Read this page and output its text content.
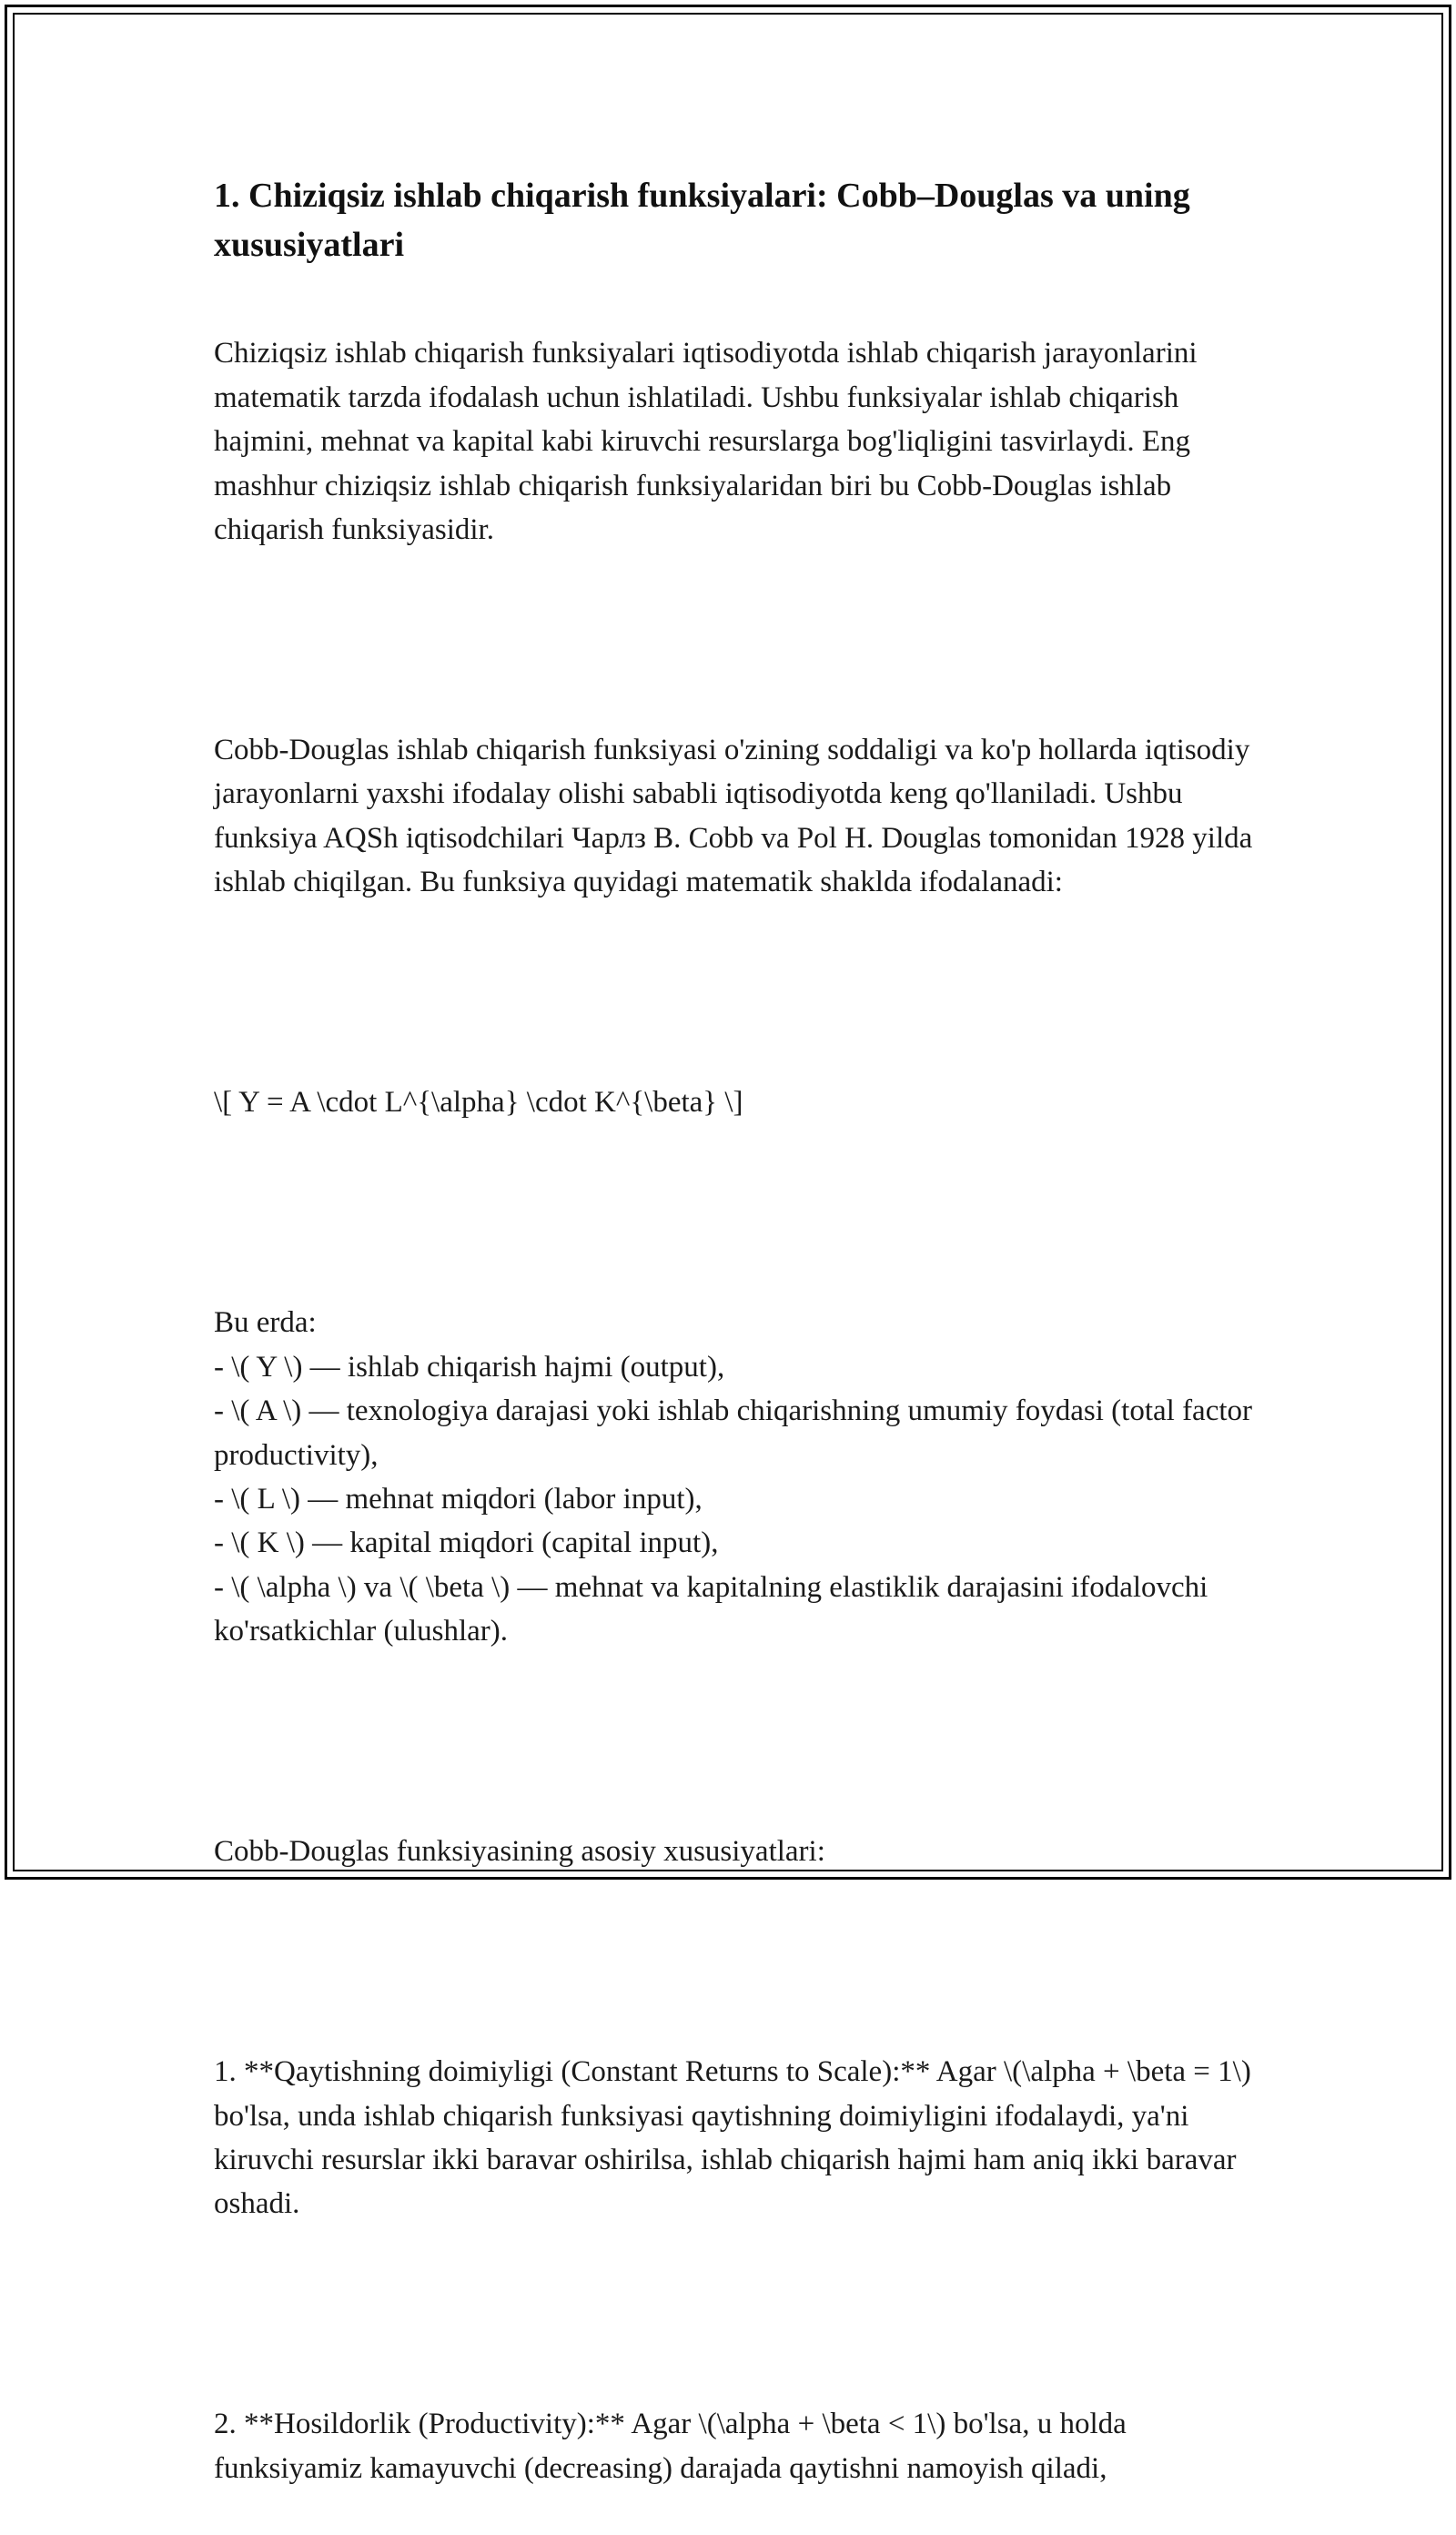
1. Chiziqsiz ishlab chiqarish funksiyalari: Cobb–Douglas va uning xususiyatlari

Chiziqsiz ishlab chiqarish funksiyalari iqtisodiyotda ishlab chiqarish jarayonlarini matematik tarzda ifodalash uchun ishlatiladi. Ushbu funksiyalar ishlab chiqarish hajmini, mehnat va kapital kabi kiruvchi resurslarga bog'liqligini tasvirlaydi. Eng mashhur chiziqsiz ishlab chiqarish funksiyalaridan biri bu Cobb-Douglas ishlab chiqarish funksiyasidir.

Cobb-Douglas ishlab chiqarish funksiyasi o'zining soddaligi va ko'p hollarda iqtisodiy jarayonlarni yaxshi ifodalay olishi sababli iqtisodiyotda keng qo'llaniladi. Ushbu funksiya AQSh iqtisodchilari Чарлз B. Cobb va Pol H. Douglas tomonidan 1928 yilda ishlab chiqilgan. Bu funksiya quyidagi matematik shaklda ifodalanadi:

\[ Y = A \cdot L^{\alpha} \cdot K^{\beta} \]

Bu erda:
- \( Y \) — ishlab chiqarish hajmi (output),
- \( A \) — texnologiya darajasi yoki ishlab chiqarishning umumiy foydasi (total factor productivity),
- \( L \) — mehnat miqdori (labor input),
- \( K \) — kapital miqdori (capital input),
- \( \alpha \) va \( \beta \) — mehnat va kapitalning elastiklik darajasini ifodalovchi ko'rsatkichlar (ulushlar).

Cobb-Douglas funksiyasining asosiy xususiyatlari:

1. **Qaytishning doimiyligi (Constant Returns to Scale):** Agar \(\alpha + \beta = 1\) bo'lsa, unda ishlab chiqarish funksiyasi qaytishning doimiyligini ifodalaydi, ya'ni kiruvchi resurslar ikki baravar oshirilsa, ishlab chiqarish hajmi ham aniq ikki baravar oshadi.

2. **Hosildorlik (Productivity):** Agar \(\alpha + \beta < 1\) bo'lsa, u holda funksiyamiz kamayuvchi (decreasing) darajada qaytishni namoyish qiladi,
